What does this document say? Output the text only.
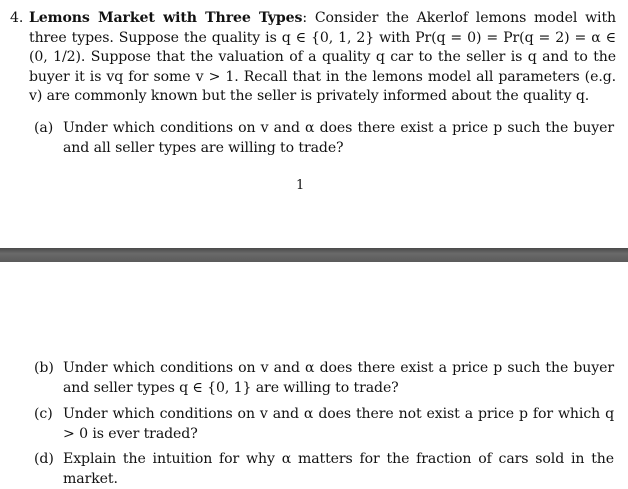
4. Lemons Market with Three Types: Consider the Akerlof lemons model with three types. Suppose the quality is q ∈ {0, 1, 2} with Pr(q = 0) = Pr(q = 2) = α ∈ (0, 1/2). Suppose that the valuation of a quality q car to the seller is q and to the buyer it is vq for some v > 1. Recall that in the lemons model all parameters (e.g. v) are commonly known but the seller is privately informed about the quality q.
(a) Under which conditions on v and α does there exist a price p such the buyer and all seller types are willing to trade?
1
(b) Under which conditions on v and α does there exist a price p such the buyer and seller types q ∈ {0, 1} are willing to trade?
(c) Under which conditions on v and α does there not exist a price p for which q > 0 is ever traded?
(d) Explain the intuition for why α matters for the fraction of cars sold in the market.
